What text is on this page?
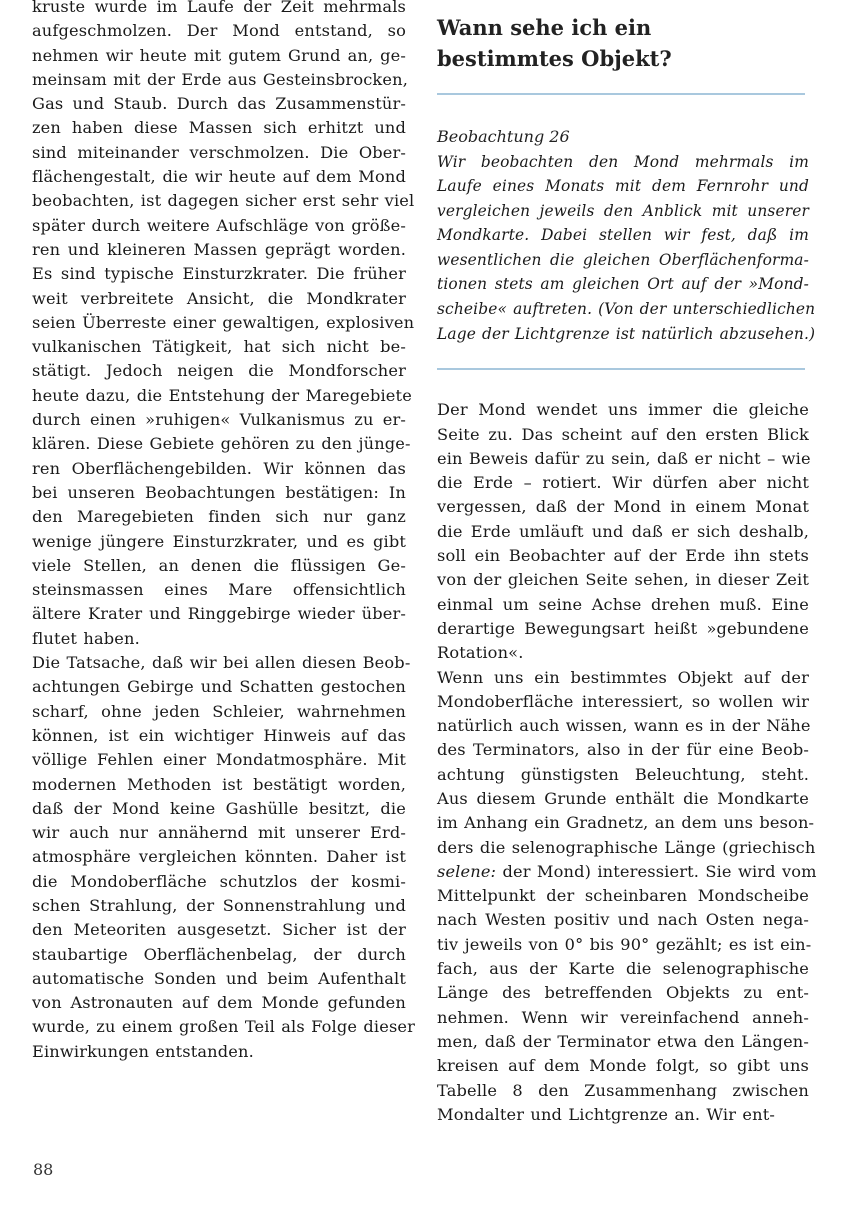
kruste wurde im Laufe der Zeit mehrmals
aufgeschmolzen. Der Mond entstand, so
nehmen wir heute mit gutem Grund an, ge-
meinsam mit der Erde aus Gesteinsbrocken,
Gas und Staub. Durch das Zusammenstür-
zen haben diese Massen sich erhitzt und
sind miteinander verschmolzen. Die Ober-
flächengestalt, die wir heute auf dem Mond
beobachten, ist dagegen sicher erst sehr viel
später durch weitere Aufschläge von größe-
ren und kleineren Massen geprägt worden.
Es sind typische Einsturzkrater. Die früher
weit verbreitete Ansicht, die Mondkrater
seien Überreste einer gewaltigen, explosiven
vulkanischen Tätigkeit, hat sich nicht be-
stätigt. Jedoch neigen die Mondforscher
heute dazu, die Entstehung der Maregebiete
durch einen »ruhigen« Vulkanismus zu er-
klären. Diese Gebiete gehören zu den jünge-
ren Oberflächengebilden. Wir können das
bei unseren Beobachtungen bestätigen: In
den Maregebieten finden sich nur ganz
wenige jüngere Einsturzkrater, und es gibt
viele Stellen, an denen die flüssigen Ge-
steinsmassen eines Mare offensichtlich
ältere Krater und Ringgebirge wieder über-
flutet haben.
Die Tatsache, daß wir bei allen diesen Beob-
achtungen Gebirge und Schatten gestochen
scharf, ohne jeden Schleier, wahrnehmen
können, ist ein wichtiger Hinweis auf das
völlige Fehlen einer Mondatmosphäre. Mit
modernen Methoden ist bestätigt worden,
daß der Mond keine Gashülle besitzt, die
wir auch nur annähernd mit unserer Erd-
atmosphäre vergleichen könnten. Daher ist
die Mondoberfläche schutzlos der kosmi-
schen Strahlung, der Sonnenstrahlung und
den Meteoriten ausgesetzt. Sicher ist der
staubartige Oberflächenbelag, der durch
automatische Sonden und beim Aufenthalt
von Astronauten auf dem Monde gefunden
wurde, zu einem großen Teil als Folge dieser
Einwirkungen entstanden.
Wann sehe ich ein
bestimmtes Objekt?
Beobachtung 26
Wir beobachten den Mond mehrmals im
Laufe eines Monats mit dem Fernrohr und
vergleichen jeweils den Anblick mit unserer
Mondkarte. Dabei stellen wir fest, daß im
wesentlichen die gleichen Oberflächenforma-
tionen stets am gleichen Ort auf der »Mond-
scheibe« auftreten. (Von der unterschiedlichen
Lage der Lichtgrenze ist natürlich abzusehen.)
Der Mond wendet uns immer die gleiche
Seite zu. Das scheint auf den ersten Blick
ein Beweis dafür zu sein, daß er nicht – wie
die Erde – rotiert. Wir dürfen aber nicht
vergessen, daß der Mond in einem Monat
die Erde umläuft und daß er sich deshalb,
soll ein Beobachter auf der Erde ihn stets
von der gleichen Seite sehen, in dieser Zeit
einmal um seine Achse drehen muß. Eine
derartige Bewegungsart heißt »gebundene
Rotation«.
Wenn uns ein bestimmtes Objekt auf der
Mondoberfläche interessiert, so wollen wir
natürlich auch wissen, wann es in der Nähe
des Terminators, also in der für eine Beob-
achtung günstigsten Beleuchtung, steht.
Aus diesem Grunde enthält die Mondkarte
im Anhang ein Gradnetz, an dem uns beson-
ders die selenographische Länge (griechisch
selene: der Mond) interessiert. Sie wird vom
Mittelpunkt der scheinbaren Mondscheibe
nach Westen positiv und nach Osten nega-
tiv jeweils von 0° bis 90° gezählt; es ist ein-
fach, aus der Karte die selenographische
Länge des betreffenden Objekts zu ent-
nehmen. Wenn wir vereinfachend anneh-
men, daß der Terminator etwa den Längen-
kreisen auf dem Monde folgt, so gibt uns
Tabelle 8 den Zusammenhang zwischen
Mondalter und Lichtgrenze an. Wir ent-
88
